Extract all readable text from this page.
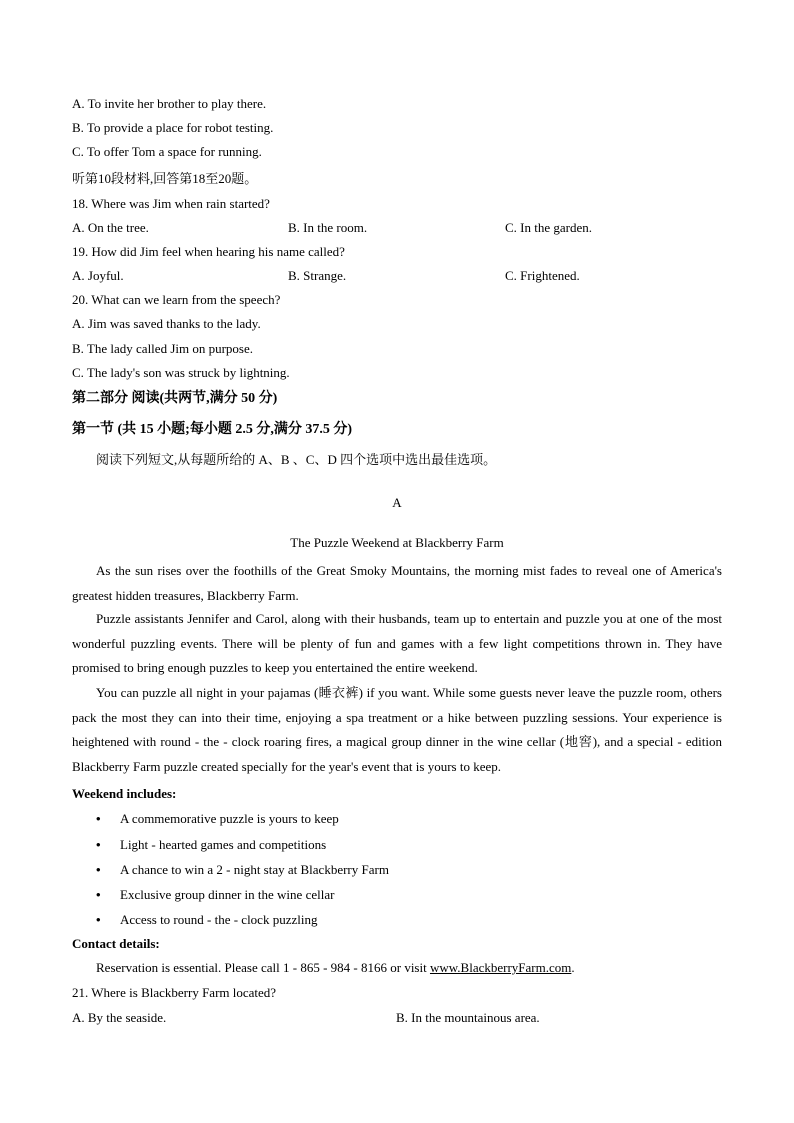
A. To invite her brother to play there.
B. To provide a place for robot testing.
C. To offer Tom a space for running.
听第10段材料,回答第18至20题。
18. Where was Jim when rain started?
A. On the tree.	B. In the room.	C. In the garden.
19. How did Jim feel when hearing his name called?
A. Joyful.	B. Strange.	C. Frightened.
20. What can we learn from the speech?
A. Jim was saved thanks to the lady.
B. The lady called Jim on purpose.
C. The lady's son was struck by lightning.
第二部分 阅读(共两节,满分 50 分)
第一节 (共 15 小题;每小题 2.5 分,满分 37.5 分)
阅读下列短文,从每题所给的 A、B 、C、D 四个选项中选出最佳选项。
A
The Puzzle Weekend at Blackberry Farm
As the sun rises over the foothills of the Great Smoky Mountains, the morning mist fades to reveal one of America's greatest hidden treasures, Blackberry Farm.
Puzzle assistants Jennifer and Carol, along with their husbands, team up to entertain and puzzle you at one of the most wonderful puzzling events. There will be plenty of fun and games with a few light competitions thrown in. They have promised to bring enough puzzles to keep you entertained the entire weekend.
You can puzzle all night in your pajamas (睡衣裤) if you want. While some guests never leave the puzzle room, others pack the most they can into their time, enjoying a spa treatment or a hike between puzzling sessions. Your experience is heightened with round - the - clock roaring fires, a magical group dinner in the wine cellar (地窖), and a special - edition Blackberry Farm puzzle created specially for the year's event that is yours to keep.
Weekend includes:
• A commemorative puzzle is yours to keep
• Light - hearted games and competitions
• A chance to win a 2 - night stay at Blackberry Farm
• Exclusive group dinner in the wine cellar
• Access to round - the - clock puzzling
Contact details:
Reservation is essential. Please call 1 - 865 - 984 - 8166 or visit www.BlackberryFarm.com.
21. Where is Blackberry Farm located?
A. By the seaside.	B. In the mountainous area.
